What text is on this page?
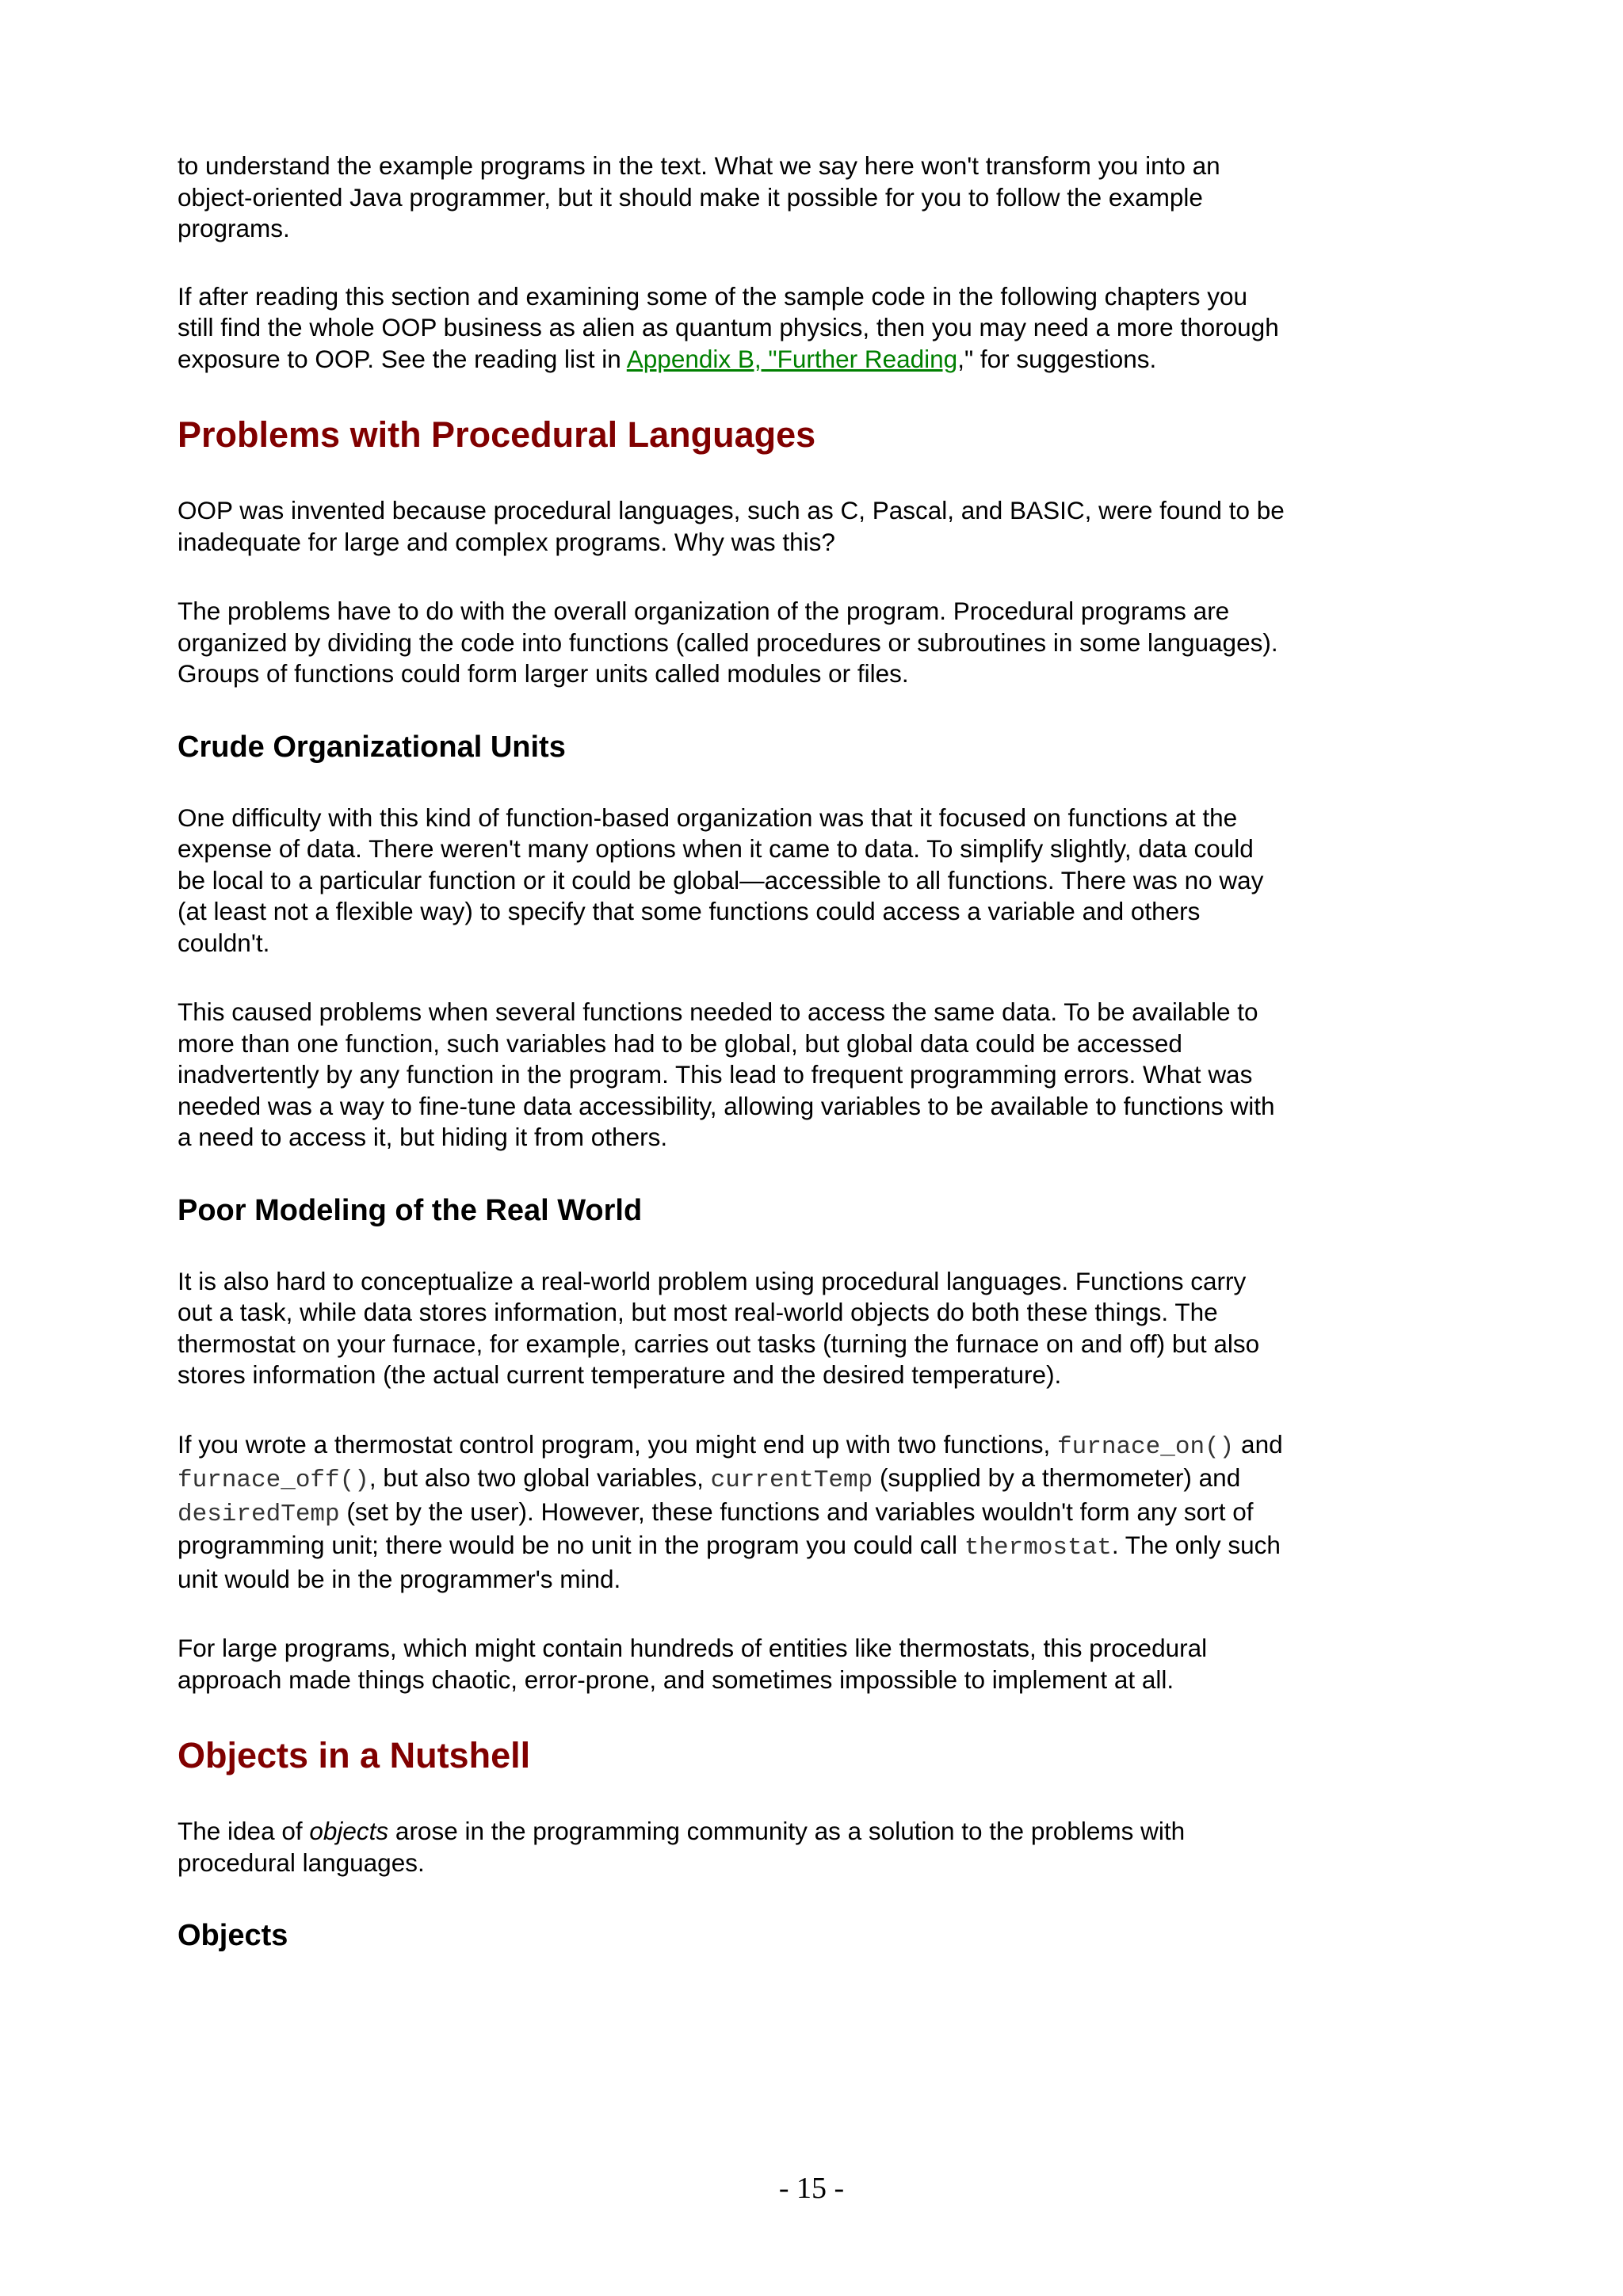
to understand the example programs in the text. What we say here won't transform you into an object-oriented Java programmer, but it should make it possible for you to follow the example programs.

If after reading this section and examining some of the sample code in the following chapters you still find the whole OOP business as alien as quantum physics, then you may need a more thorough exposure to OOP. See the reading list in Appendix B, "Further Reading," for suggestions.

Problems with Procedural Languages

OOP was invented because procedural languages, such as C, Pascal, and BASIC, were found to be inadequate for large and complex programs. Why was this?

The problems have to do with the overall organization of the program. Procedural programs are organized by dividing the code into functions (called procedures or subroutines in some languages). Groups of functions could form larger units called modules or files.

Crude Organizational Units

One difficulty with this kind of function-based organization was that it focused on functions at the expense of data. There weren't many options when it came to data. To simplify slightly, data could be local to a particular function or it could be global—accessible to all functions. There was no way (at least not a flexible way) to specify that some functions could access a variable and others couldn't.

This caused problems when several functions needed to access the same data. To be available to more than one function, such variables had to be global, but global data could be accessed inadvertently by any function in the program. This lead to frequent programming errors. What was needed was a way to fine-tune data accessibility, allowing variables to be available to functions with a need to access it, but hiding it from others.

Poor Modeling of the Real World

It is also hard to conceptualize a real-world problem using procedural languages. Functions carry out a task, while data stores information, but most real-world objects do both these things. The thermostat on your furnace, for example, carries out tasks (turning the furnace on and off) but also stores information (the actual current temperature and the desired temperature).

If you wrote a thermostat control program, you might end up with two functions, furnace_on() and furnace_off(), but also two global variables, currentTemp (supplied by a thermometer) and desiredTemp (set by the user). However, these functions and variables wouldn't form any sort of programming unit; there would be no unit in the program you could call thermostat. The only such unit would be in the programmer's mind.

For large programs, which might contain hundreds of entities like thermostats, this procedural approach made things chaotic, error-prone, and sometimes impossible to implement at all.

Objects in a Nutshell

The idea of objects arose in the programming community as a solution to the problems with procedural languages.

Objects
- 15 -
